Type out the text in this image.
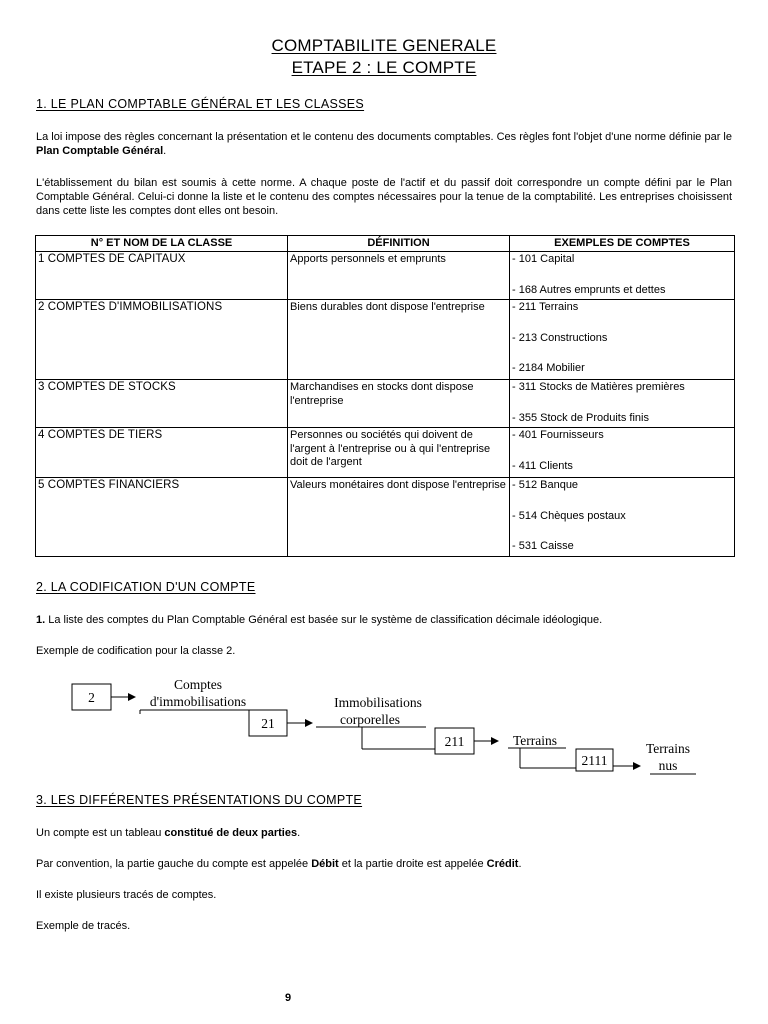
COMPTABILITE GENERALE
ETAPE 2 : LE COMPTE
1. LE PLAN COMPTABLE GÉNÉRAL ET LES CLASSES
La loi impose des règles concernant la présentation et le contenu des documents comptables. Ces règles font l'objet d'une norme définie par le Plan Comptable Général.
L'établissement du bilan est soumis à cette norme. A chaque poste de l'actif et du passif doit correspondre un compte défini par le Plan Comptable Général. Celui-ci donne la liste et le contenu des comptes nécessaires pour la tenue de la comptabilité. Les entreprises choisissent dans cette liste les comptes dont elles ont besoin.
N° ET NOM DE LA CLASSE	DÉFINITION	EXEMPLES DE COMPTES
1 COMPTES DE CAPITAUX	Apports personnels et emprunts	- 101 Capital
- 168 Autres emprunts et dettes

2 COMPTES D'IMMOBILISATIONS	Biens durables dont dispose l'entreprise	- 211 Terrains
- 213 Constructions
- 2184 Mobilier

3 COMPTES DE STOCKS	Marchandises en stocks dont dispose l'entreprise	- 311 Stocks de Matières premières
- 355 Stock de Produits finis

4 COMPTES DE TIERS	Personnes ou sociétés qui doivent de l'argent à l'entreprise ou à qui l'entreprise doit de l'argent	- 401 Fournisseurs
- 411 Clients

5 COMPTES FINANCIERS	Valeurs monétaires dont dispose l'entreprise	- 512 Banque
- 514 Chèques postaux
- 531 Caisse
2. LA CODIFICATION D'UN COMPTE
1. La liste des comptes du Plan Comptable Général est basée sur le système de classification décimale idéologique.
Exemple de codification pour la classe 2.
2
Comptes
d'immobilisations
21
Immobilisations
corporelles
211	Terrains
2111
Terrains
nus
3. LES DIFFÉRENTES PRÉSENTATIONS DU COMPTE
Un compte est un tableau constitué de deux parties.
Par convention, la partie gauche du compte est appelée Débit et la partie droite est appelée Crédit.
Il existe plusieurs tracés de comptes.
Exemple de tracés.
9
